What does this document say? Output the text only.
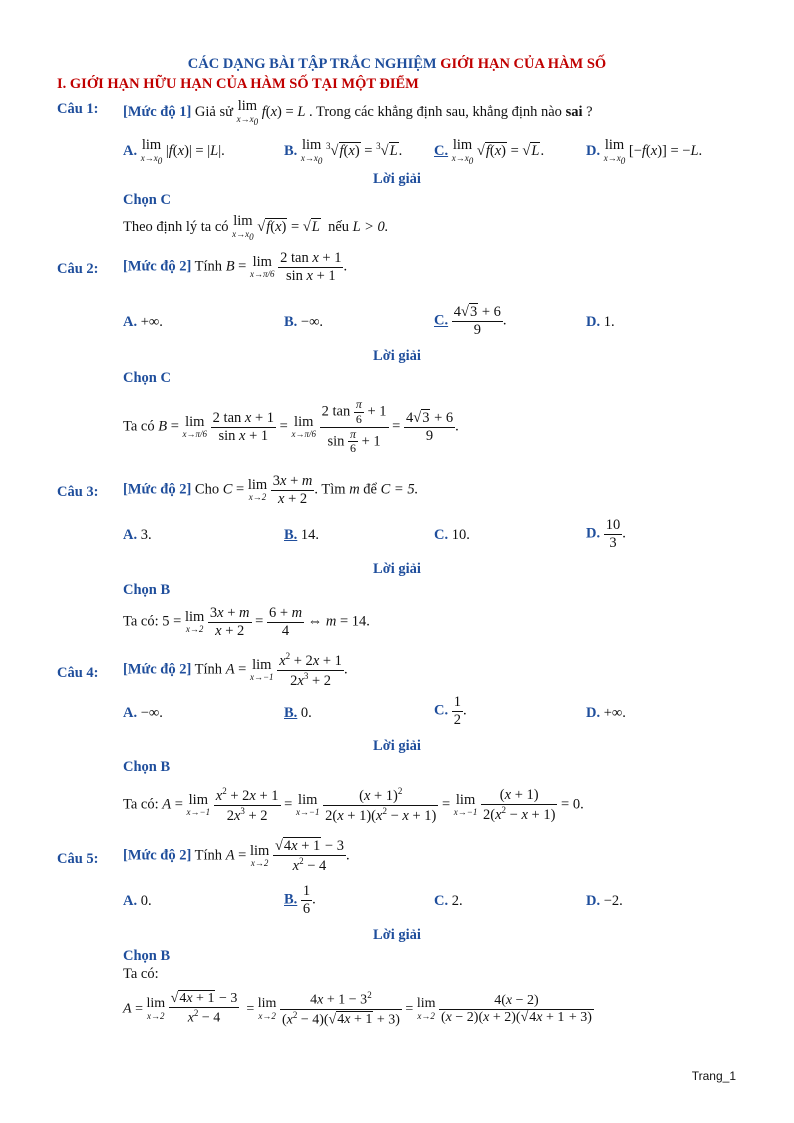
CÁC DẠNG BÀI TẬP TRẮC NGHIỆM GIỚI HẠN CỦA HÀM SỐ
I. GIỚI HẠN HỮU HẠN CỦA HÀM SỐ TẠI MỘT ĐIỂM
Câu 1: [Mức độ 1] Giả sử lim
x→x0
f(x) = L . Trong các khẳng định sau, khẳng định nào sai ?
A. lim
x→x0
|f(x)| = |L|.	B. lim
x→x0
$^3$√f(x) = $^3$√L. C. lim
x→x0
√f(x) = √L.	D. lim
x→x0
[−f(x)] = −L.
Lời giải
Chọn C
Theo định lý ta có lim
x→x0
√f(x) = √L nếu L > 0.
Câu 2: [Mức độ 2] Tính B = lim
x→π/6
$\frac{\text{2 tan x + 1}}{\text{sin x + 1}}$ .
A. +∞.	B. −∞.	C. $\frac{4√3 + 6}{9}$ .	D. 1.
Lời giải
Chọn C
Ta có B = lim
x→π/6
$\frac{\text{2 tan x + 1}}{\text{sin x + 1}} = \lim$
x→π/6
$\frac{2 \tan \frac{\pi}{6} + 1}{\sin \frac{\pi}{6} + 1} = \frac{4√3 + 6}{9}$ .
Câu 3: [Mức độ 2] Cho C = lim
x→2
$\frac{3x + m}{x + 2}$ . Tìm m để C = 5.
A. 3.	B. 14.	C. 10.	D. $\frac{10}{3}$ .
Lời giải
Chọn B
Ta có: 5 = lim
x→2
$\frac{3x + m}{x + 2} = \frac{6 + m}{4}$ ⇔ m = 14.
Câu 4: [Mức độ 2] Tính A = lim
x→−1
$\frac{x^2 + 2x + 1}{2x^3 + 2}$ .
A. −∞.	B. 0.	C. $\frac{1}{2}$ .	D. +∞.
Lời giải
Chọn B
Ta có: A = lim
x→−1
$\frac{x^2 + 2x + 1}{2x^3 + 2} = \lim$
x→−1
$\frac{(x + 1)^2}{2(x + 1)(x^2 - x + 1)} = \lim$
x→−1
$\frac{(x + 1)}{2(x^2 - x + 1)} = 0$.
Câu 5: [Mức độ 2] Tính A = lim
x→2
$\frac{√4x + 1 - 3}{x^2 - 4}$ .
A. 0.	B. $\frac{1}{6}$ .	C. 2.	D. −2.
Lời giải
Chọn B
Ta có:
A = lim
x→2
$\frac{√4x + 1 - 3}{x^2 - 4} = \lim$
x→2
$\frac{4x + 1 - 3^2}{(x^2 - 4)(√4x + 1 + 3)} = \lim$
x→2
$\frac{4(x - 2)}{(x - 2)(x + 2)(√4x + 1 + 3)}$
Trang_1
